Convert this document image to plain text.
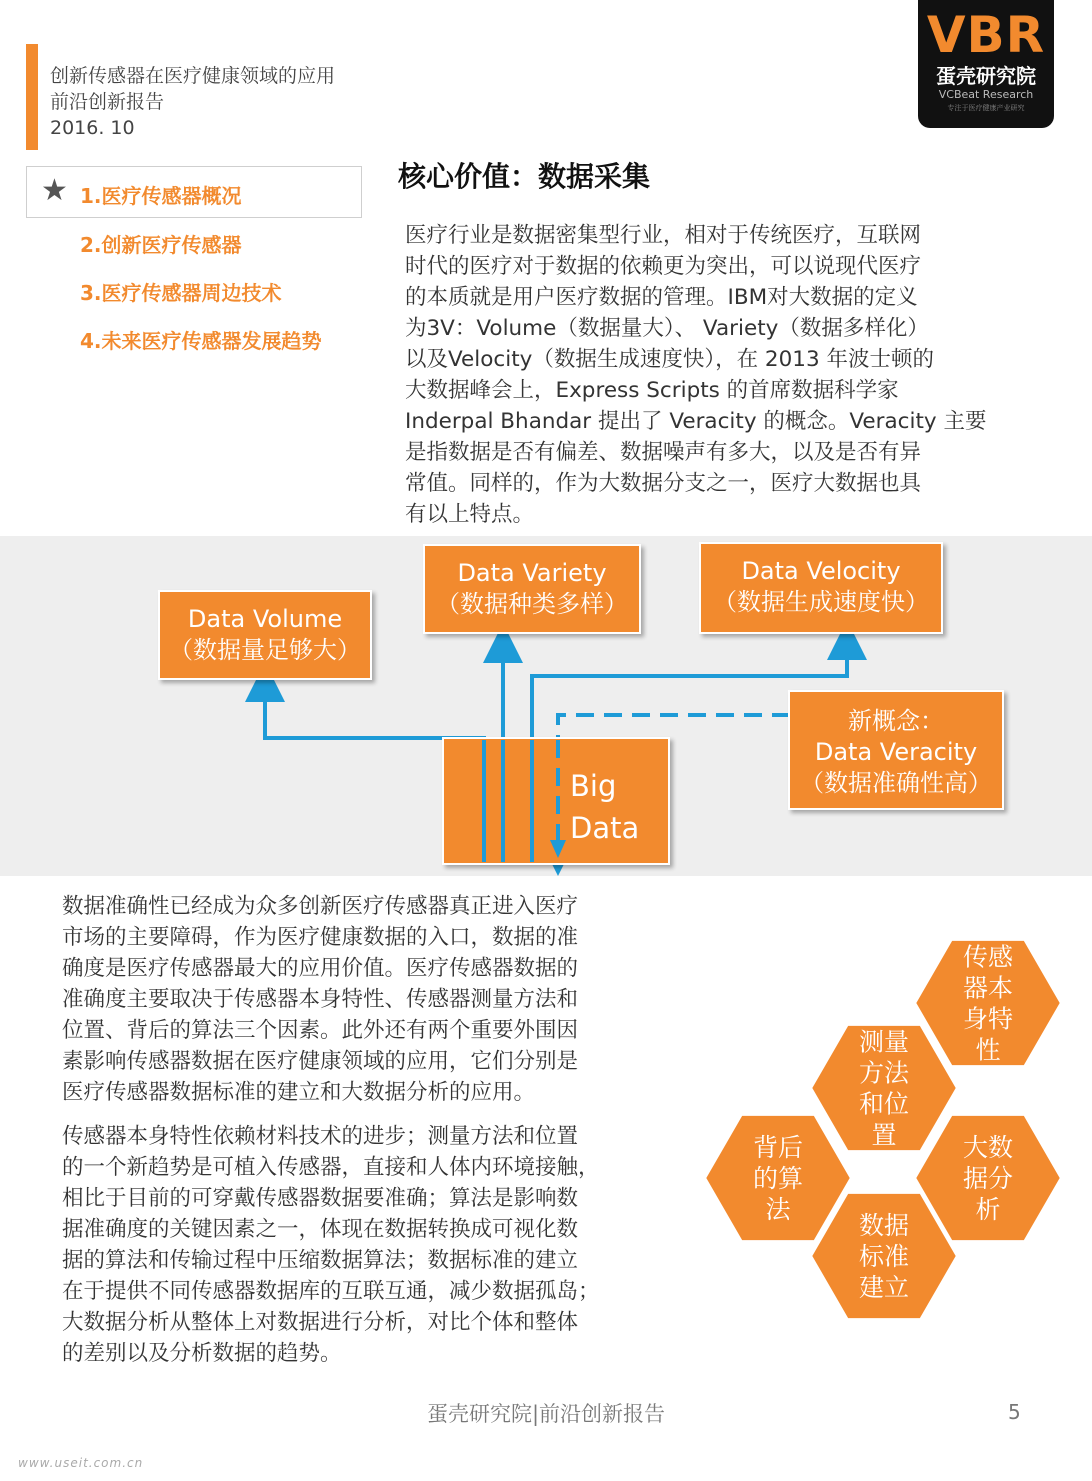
创新传感器在医疗健康领域的应用
前沿创新报告
2016. 10
VBR
蛋壳研究院
VCBeat Research
专注于医疗健康产业研究
★ 1.医疗传感器概况
2.创新医疗传感器
3.医疗传感器周边技术
4.未来医疗传感器发展趋势
核心价值：数据采集
医疗行业是数据密集型行业，相对于传统医疗，互联网
时代的医疗对于数据的依赖更为突出，可以说现代医疗
的本质就是用户医疗数据的管理。IBM对大数据的定义
为3V：Volume（数据量大）、 Variety（数据多样化）
以及Velocity（数据生成速度快），在 2013 年波士顿的
大数据峰会上，Express Scripts 的首席数据科学家
Inderpal Bhandar 提出了 Veracity 的概念。Veracity 主要
是指数据是否有偏差、数据噪声有多大，以及是否有异
常值。同样的，作为大数据分支之一，医疗大数据也具
有以上特点。
Data Volume
（数据量足够大）
Data Variety
（数据种类多样）
Data Velocity
（数据生成速度快）
新概念：
Data Veracity
（数据准确性高）
Big
Data
数据准确性已经成为众多创新医疗传感器真正进入医疗
市场的主要障碍，作为医疗健康数据的入口，数据的准
确度是医疗传感器最大的应用价值。医疗传感器数据的
准确度主要取决于传感器本身特性、传感器测量方法和
位置、背后的算法三个因素。此外还有两个重要外围因
素影响传感器数据在医疗健康领域的应用，它们分别是
医疗传感器数据标准的建立和大数据分析的应用。
传感器本身特性依赖材料技术的进步；测量方法和位置
的一个新趋势是可植入传感器，直接和人体内环境接触，
相比于目前的可穿戴传感器数据要准确；算法是影响数
据准确度的关键因素之一，体现在数据转换成可视化数
据的算法和传输过程中压缩数据算法；数据标准的建立
在于提供不同传感器数据库的互联互通，减少数据孤岛；
大数据分析从整体上对数据进行分析，对比个体和整体
的差别以及分析数据的趋势。
传感
器本
身特
性
测量
方法
和位
置
背后
的算
法
大数
据分
析
数据
标准
建立
蛋壳研究院|前沿创新报告	5
www.useit.com.cn
